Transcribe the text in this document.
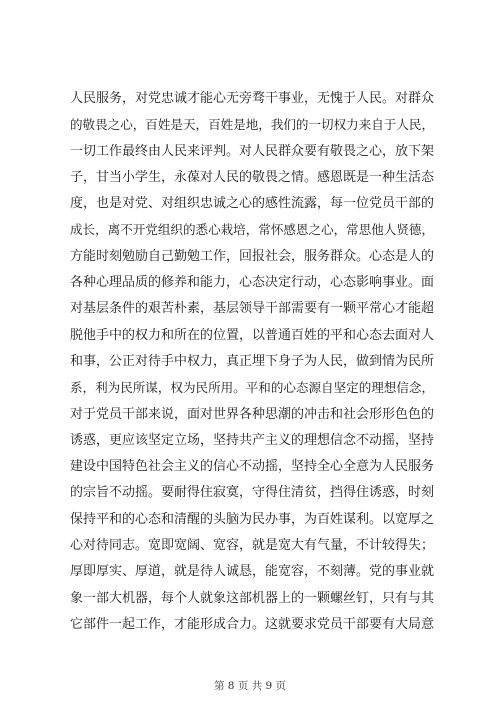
人民服务，对党忠诚才能心无旁骛干事业，无愧于人民。对群众
的敬畏之心，百姓是天，百姓是地，我们的一切权力来自于人民，
一切工作最终由人民来评判。对人民群众要有敬畏之心，放下架
子，甘当小学生，永葆对人民的敬畏之情。感恩既是一种生活态
度，也是对党、对组织忠诚之心的感性流露，每一位党员干部的
成长，离不开党组织的悉心栽培，常怀感恩之心，常思他人贤德，
方能时刻勉励自己勤勉工作，回报社会，服务群众。心态是人的
各种心理品质的修养和能力，心态决定行动，心态影响事业。面
对基层条件的艰苦朴素，基层领导干部需要有一颗平常心才能超
脱他手中的权力和所在的位置，以普通百姓的平和心态去面对人
和事，公正对待手中权力，真正埋下身子为人民，做到情为民所
系，利为民所谋，权为民所用。平和的心态源自坚定的理想信念，
对于党员干部来说，面对世界各种思潮的冲击和社会形形色色的
诱惑，更应该坚定立场，坚持共产主义的理想信念不动摇，坚持
建设中国特色社会主义的信心不动摇，坚持全心全意为人民服务
的宗旨不动摇。要耐得住寂寞，守得住清贫，挡得住诱惑，时刻
保持平和的心态和清醒的头脑为民办事，为百姓谋利。以宽厚之
心对待同志。宽即宽阔、宽容，就是宽大有气量，不计较得失；
厚即厚实、厚道，就是待人诚恳，能宽容，不刻薄。党的事业就
象一部大机器，每个人就象这部机器上的一颗螺丝钉，只有与其
它部件一起工作，才能形成合力。这就要求党员干部要有大局意
第 8 页 共 9 页
